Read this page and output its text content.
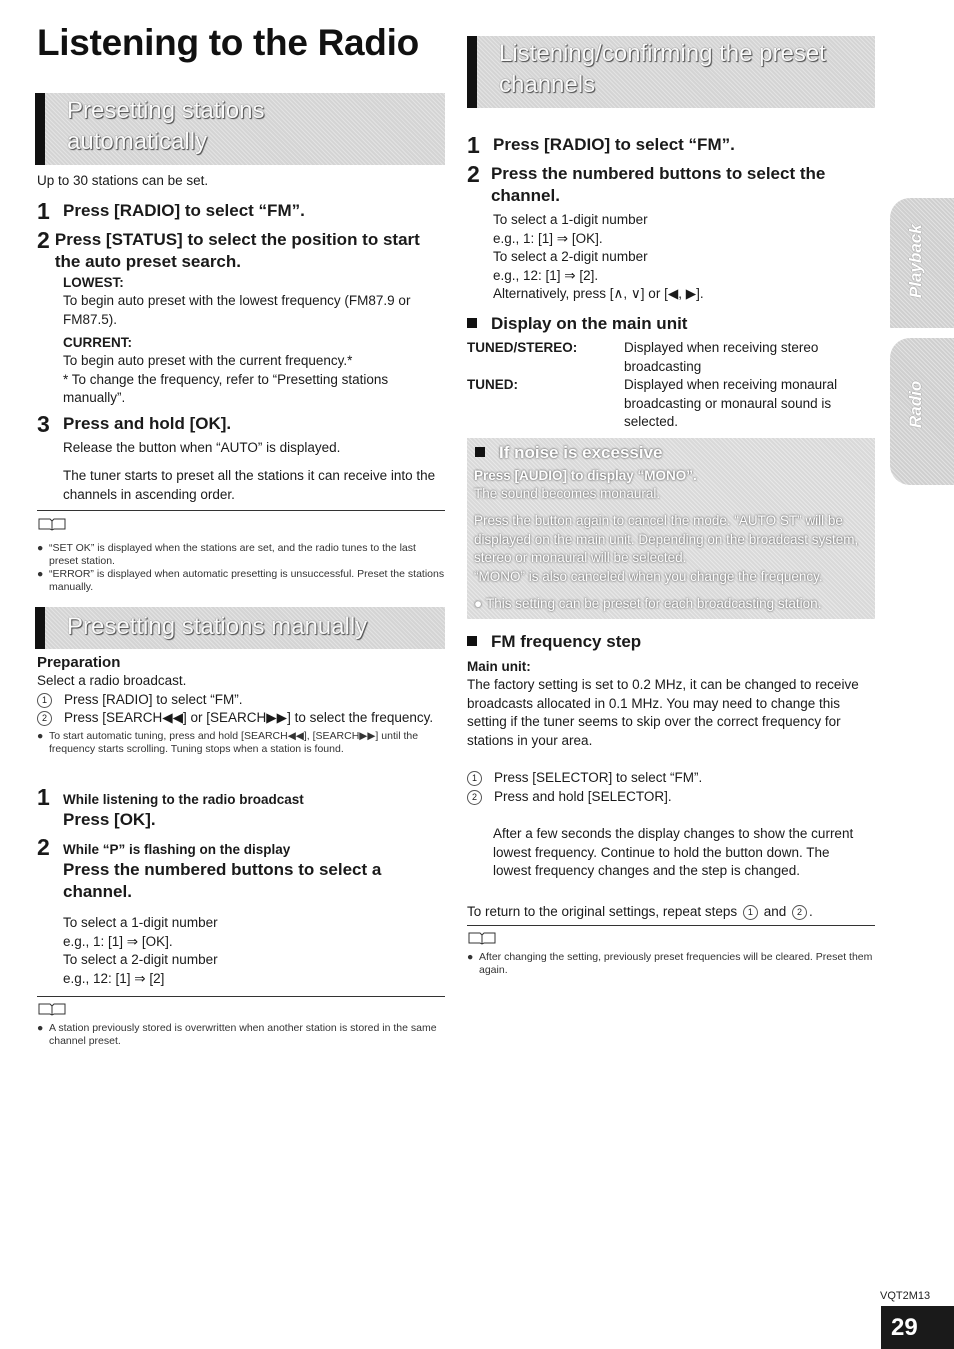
Listening to the Radio
Presetting stations
automatically
Up to 30 stations can be set.
1 Press [RADIO] to select “FM”.
2 Press [STATUS] to select the position to start the auto preset search.
LOWEST:
To begin auto preset with the lowest frequency (FM87.9 or FM87.5).
CURRENT:
To begin auto preset with the current frequency.*
* To change the frequency, refer to “Presetting stations manually”.
3 Press and hold [OK].
Release the button when “AUTO” is displayed.
The tuner starts to preset all the stations it can receive into the channels in ascending order.
● “SET OK” is displayed when the stations are set, and the radio tunes to the last preset station.
● “ERROR” is displayed when automatic presetting is unsuccessful. Preset the stations manually.
Presetting stations manually
Preparation
Select a radio broadcast.
1 Press [RADIO] to select “FM”.
2	Press [SEARCH◀◀] or [SEARCH▶▶] to select the frequency.
● To start automatic tuning, press and hold [SEARCH◀◀], [SEARCH▶▶] until the frequency starts scrolling. Tuning stops when a station is found.
1 While listening to the radio broadcast
Press [OK].
2 While “P” is flashing on the display
Press the numbered buttons to select a channel.
To select a 1-digit number
e.g., 1: [1] ⇒ [OK].
To select a 2-digit number
e.g., 12: [1] ⇒ [2]
● A station previously stored is overwritten when another station is stored in the same channel preset.
Listening/confirming the preset
channels
1 Press [RADIO] to select “FM”.
2 Press the numbered buttons to select the channel.
To select a 1-digit number
e.g., 1: [1] ⇒ [OK].
To select a 2-digit number
e.g., 12: [1] ⇒ [2].
Alternatively, press [∧, ∨] or [◀, ▶].
Display on the main unit
TUNED/STEREO:	Displayed when receiving stereo broadcasting
TUNED:	Displayed when receiving monaural broadcasting or monaural sound is selected.
If noise is excessive
Press [AUDIO] to display “MONO”.
The sound becomes monaural.
Press the button again to cancel the mode. “AUTO ST” will be displayed on the main unit. Depending on the broadcast system, stereo or monaural will be selected.
“MONO” is also canceled when you change the frequency.
● This setting can be preset for each broadcasting station.
FM frequency step
Main unit:
The factory setting is set to 0.2 MHz, it can be changed to receive broadcasts allocated in 0.1 MHz. You may need to change this setting if the tuner seems to skip over the correct frequency for stations in your area.
1 Press [SELECTOR] to select “FM”.
2 Press and hold [SELECTOR].
After a few seconds the display changes to show the current lowest frequency. Continue to hold the button down. The lowest frequency changes and the step is changed.
To return to the original settings, repeat steps 1 and 2 .
● After changing the setting, previously preset frequencies will be cleared. Preset them again.
Playback
Radio
VQT2M13
29
